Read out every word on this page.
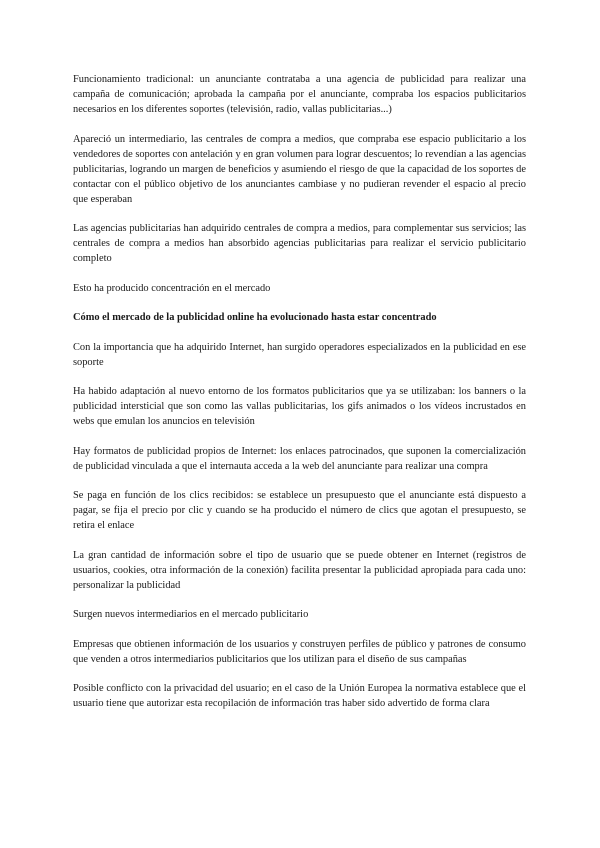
Funcionamiento tradicional: un anunciante contrataba a una agencia de publicidad para realizar una campaña de comunicación; aprobada la campaña por el anunciante, compraba los espacios publicitarios necesarios en los diferentes soportes (televisión, radio, vallas publicitarias...)

Apareció un intermediario, las centrales de compra a medios, que compraba ese espacio publicitario a los vendedores de soportes con antelación y en gran volumen para lograr descuentos; lo revendían a las agencias publicitarias, logrando un margen de beneficios y asumiendo el riesgo de que la capacidad de los soportes de contactar con el público objetivo de los anunciantes cambiase y no pudieran revender el espacio al precio que esperaban

Las agencias publicitarias han adquirido centrales de compra a medios, para complementar sus servicios; las centrales de compra a medios han absorbido agencias publicitarias para realizar el servicio publicitario completo

Esto ha producido concentración en el mercado

Cómo el mercado de la publicidad online ha evolucionado hasta estar concentrado

Con la importancia que ha adquirido Internet, han surgido operadores especializados en la publicidad en ese soporte

Ha habido adaptación al nuevo entorno de los formatos publicitarios que ya se utilizaban: los banners o la publicidad intersticial que son como las vallas publicitarias, los gifs animados o los vídeos incrustados en webs que emulan los anuncios en televisión

Hay formatos de publicidad propios de Internet: los enlaces patrocinados, que suponen la comercialización de publicidad vinculada a que el internauta acceda a la web del anunciante para realizar una compra

Se paga en función de los clics recibidos: se establece un presupuesto que el anunciante está dispuesto a pagar, se fija el precio por clic y cuando se ha producido el número de clics que agotan el presupuesto, se retira el enlace

La gran cantidad de información sobre el tipo de usuario que se puede obtener en Internet (registros de usuarios, cookies, otra información de la conexión) facilita presentar la publicidad apropiada para cada uno: personalizar la publicidad

Surgen nuevos intermediarios en el mercado publicitario

Empresas que obtienen información de los usuarios y construyen perfiles de público y patrones de consumo que venden a otros intermediarios publicitarios que los utilizan para el diseño de sus campañas

Posible conflicto con la privacidad del usuario; en el caso de la Unión Europea la normativa establece que el usuario tiene que autorizar esta recopilación de información tras haber sido advertido de forma clara
